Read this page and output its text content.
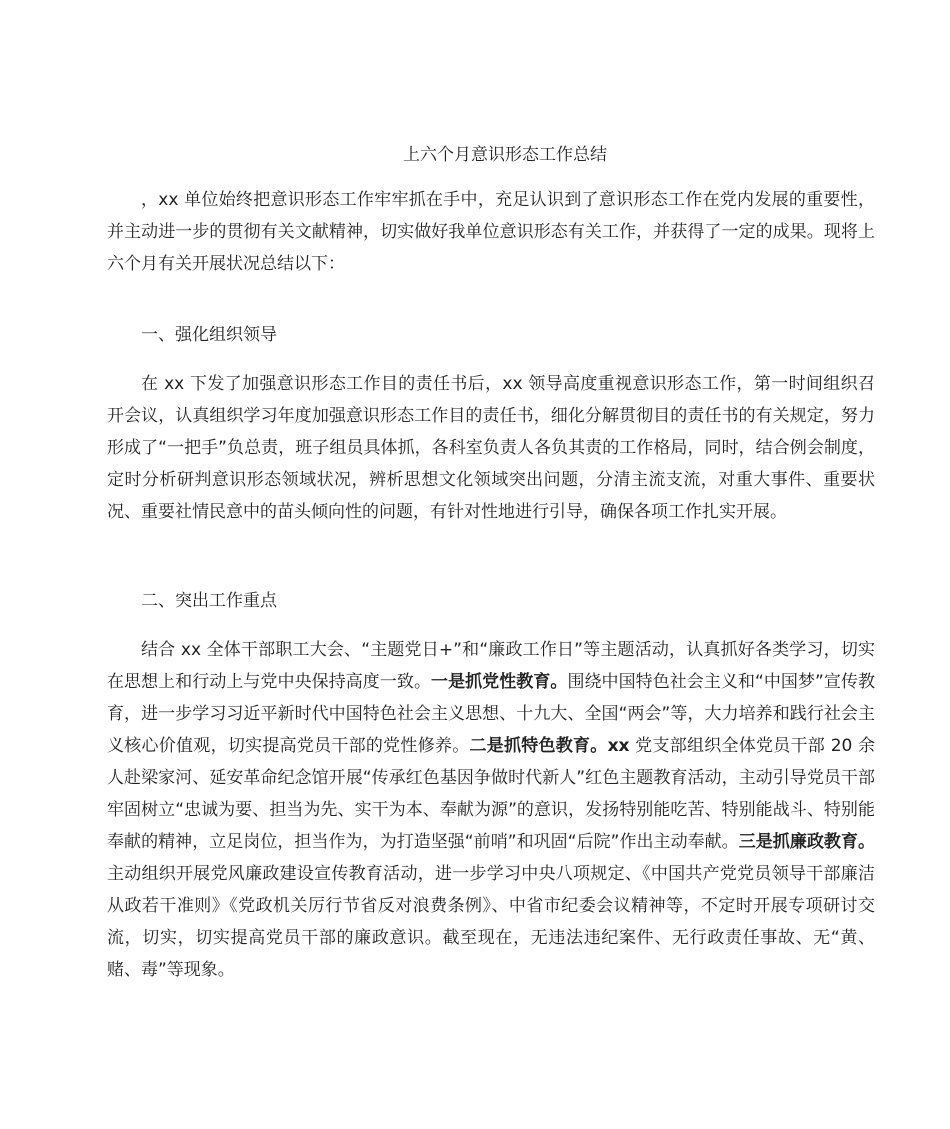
上六个月意识形态工作总结

，xx 单位始终把意识形态工作牢牢抓在手中，充足认识到了意识形态工作在党内发展的重要性，并主动进一步的贯彻有关文献精神，切实做好我单位意识形态有关工作，并获得了一定的成果。现将上六个月有关开展状况总结以下：

一、强化组织领导

在 xx 下发了加强意识形态工作目的责任书后，xx 领导高度重视意识形态工作，第一时间组织召开会议，认真组织学习年度加强意识形态工作目的责任书，细化分解贯彻目的责任书的有关规定，努力形成了“一把手”负总责，班子组员具体抓，各科室负责人各负其责的工作格局，同时，结合例会制度，定时分析研判意识形态领域状况，辨析思想文化领域突出问题，分清主流支流，对重大事件、重要状况、重要社情民意中的苗头倾向性的问题，有针对性地进行引导，确保各项工作扎实开展。

二、突出工作重点

结合 xx 全体干部职工大会、“主题党日+”和“廉政工作日”等主题活动，认真抓好各类学习，切实在思想上和行动上与党中央保持高度一致。一是抓党性教育。围绕中国特色社会主义和“中国梦”宣传教育，进一步学习习近平新时代中国特色社会主义思想、十九大、全国“两会”等，大力培养和践行社会主义核心价值观，切实提高党员干部的党性修养。二是抓特色教育。xx 党支部组织全体党员干部 20 余人赴梁家河、延安革命纪念馆开展“传承红色基因争做时代新人”红色主题教育活动，主动引导党员干部牢固树立“忠诚为要、担当为先、实干为本、奉献为源”的意识，发扬特别能吃苦、特别能战斗、特别能奉献的精神，立足岗位，担当作为，为打造坚强“前哨”和巩固“后院”作出主动奉献。三是抓廉政教育。主动组织开展党风廉政建设宣传教育活动，进一步学习中央八项规定、《中国共产党党员领导干部廉洁从政若干准则》《党政机关厉行节省反对浪费条例》、中省市纪委会议精神等，不定时开展专项研讨交流，切实，切实提高党员干部的廉政意识。截至现在，无违法违纪案件、无行政责任事故、无“黄、赌、毒”等现象。
